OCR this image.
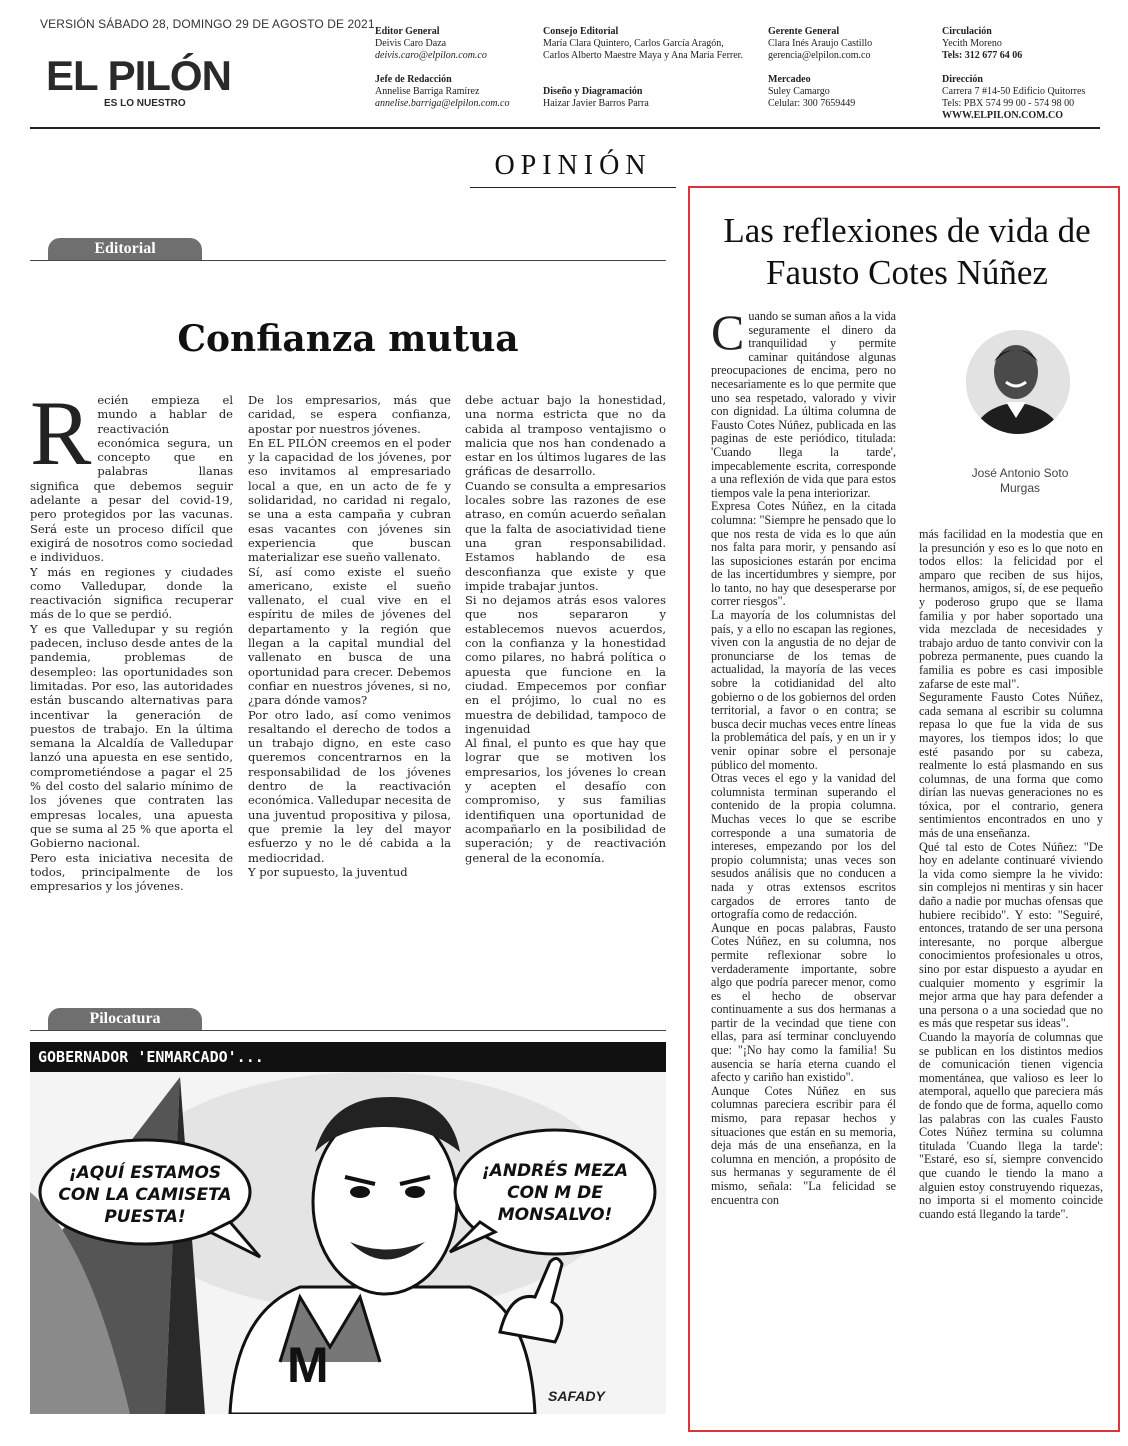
VERSIÓN SÁBADO 28, DOMINGO 29 DE AGOSTO DE 2021
EL PILÓN
ES LO NUESTRO
Editor General
Deivis Caro Daza
deivis.caro@elpilon.com.co
Jefe de Redacción
Annelise Barriga Ramírez
annelise.barriga@elpilon.com.co
Consejo Editorial
María Clara Quintero, Carlos García Aragón, Carlos Alberto Maestre Maya y Ana María Ferrer.
Diseño y Diagramación
Haizar Javier Barros Parra
Gerente General
Clara Inés Araujo Castillo
gerencia@elpilon.com.co
Mercadeo
Suley Camargo
Celular: 300 7659449
Circulación
Yecith Moreno
Tels: 312 677 64 06
Dirección
Carrera 7 #14-50 Edificio Quitorres
Tels: PBX 574 99 00 - 574 98 00
WWW.ELPILON.COM.CO
OPINIÓN
Editorial
Confianza mutua

Recién empieza el mundo a hablar de reactivación económica segura, un concepto que en palabras llanas significa que debemos seguir adelante a pesar del covid-19, pero protegidos por las vacunas. Será este un proceso difícil que exigirá de nosotros como sociedad e individuos.

Y más en regiones y ciudades como Valledupar, donde la reactivación significa recuperar más de lo que se perdió.

Y es que Valledupar y su región padecen, incluso desde antes de la pandemia, problemas de desempleo: las oportunidades son limitadas. Por eso, las autoridades están buscando alternativas para incentivar la generación de puestos de trabajo. En la última semana la Alcaldía de Valledupar lanzó una apuesta en ese sentido, comprometiéndose a pagar el 25 % del costo del salario mínimo de los jóvenes que contraten las empresas locales, una apuesta que se suma al 25 % que aporta el Gobierno nacional.

Pero esta iniciativa necesita de todos, principalmente de los empresarios y los jóvenes.

De los empresarios, más que caridad, se espera confianza, apostar por nuestros jóvenes.

En EL PILÓN creemos en el poder y la capacidad de los jóvenes, por eso invitamos al empresariado local a que, en un acto de fe y solidaridad, no caridad ni regalo, se una a esta campaña y cubran esas vacantes con jóvenes sin experiencia que buscan materializar ese sueño vallenato.

Sí, así como existe el sueño americano, existe el sueño vallenato, el cual vive en el espíritu de miles de jóvenes del departamento y la región que llegan a la capital mundial del vallenato en busca de una oportunidad para crecer. Debemos confiar en nuestros jóvenes, si no, ¿para dónde vamos?

Por otro lado, así como venimos resaltando el derecho de todos a un trabajo digno, en este caso queremos concentrarnos en la responsabilidad de los jóvenes dentro de la reactivación económica. Valledupar necesita de una juventud propositiva y pilosa, que premie la ley del mayor esfuerzo y no le dé cabida a la mediocridad.

Y por supuesto, la juventud

debe actuar bajo la honestidad, una norma estricta que no da cabida al tramposo ventajismo o malicia que nos han condenado a estar en los últimos lugares de las gráficas de desarrollo.

Cuando se consulta a empresarios locales sobre las razones de ese atraso, en común acuerdo señalan que la falta de asociatividad tiene una gran responsabilidad. Estamos hablando de esa desconfianza que existe y que impide trabajar juntos.

Si no dejamos atrás esos valores que nos separaron y establecemos nuevos acuerdos, con la confianza y la honestidad como pilares, no habrá política o apuesta que funcione en la ciudad. Empecemos por confiar en el prójimo, lo cual no es muestra de debilidad, tampoco de ingenuidad

Al final, el punto es que hay que lograr que se motiven los empresarios, los jóvenes lo crean y acepten el desafío con compromiso, y sus familias identifiquen una oportunidad de acompañarlo en la posibilidad de superación; y de reactivación general de la economía.

Pilocatura
GOBERNADOR 'ENMARCADO'...
¡AQUÍ ESTAMOS CON LA CAMISETA PUESTA!
¡ANDRÉS MEZA CON M DE MONSALVO!
M
SAFADY
Las reflexiones de vida de Fausto Cotes Núñez
José Antonio Soto Murgas

Cuando se suman años a la vida seguramente el dinero da tranquilidad y permite caminar quitándose algunas preocupaciones de encima, pero no necesariamente es lo que permite que uno sea respetado, valorado y vivir con dignidad. La última columna de Fausto Cotes Núñez, publicada en las paginas de este periódico, titulada: 'Cuando llega la tarde', impecablemente escrita, corresponde a una reflexión de vida que para estos tiempos vale la pena interiorizar.

Expresa Cotes Núñez, en la citada columna: "Siempre he pensado que lo que nos resta de vida es lo que aún nos falta para morir, y pensando así las suposiciones estarán por encima de las incertidumbres y siempre, por lo tanto, no hay que desesperarse por correr riesgos".

La mayoría de los columnistas del país, y a ello no escapan las regiones, viven con la angustia de no dejar de pronunciarse de los temas de actualidad, la mayoría de las veces sobre la cotidianidad del alto gobierno o de los gobiernos del orden territorial, a favor o en contra; se busca decir muchas veces entre líneas la problemática del país, y en un ir y venir opinar sobre el personaje público del momento.

Otras veces el ego y la vanidad del columnista terminan superando el contenido de la propia columna. Muchas veces lo que se escribe corresponde a una sumatoria de intereses, empezando por los del propio columnista; unas veces son sesudos análisis que no conducen a nada y otras extensos escritos cargados de errores tanto de ortografía como de redacción.

Aunque en pocas palabras, Fausto Cotes Núñez, en su columna, nos permite reflexionar sobre lo verdaderamente importante, sobre algo que podría parecer menor, como es el hecho de observar continuamente a sus dos hermanas a partir de la vecindad que tiene con ellas, para así terminar concluyendo que: "¡No hay como la familia! Su ausencia se haría eterna cuando el afecto y cariño han existido".

Aunque Cotes Núñez en sus columnas pareciera escribir para él mismo, para repasar hechos y situaciones que están en su memoria, deja más de una enseñanza, en la columna en mención, a propósito de sus hermanas y seguramente de él mismo, señala: "La felicidad se encuentra con

más facilidad en la modestia que en la presunción y eso es lo que noto en todos ellos: la felicidad por el amparo que reciben de sus hijos, hermanos, amigos, sí, de ese pequeño y poderoso grupo que se llama familia y por haber soportado una vida mezclada de necesidades y trabajo arduo de tanto convivir con la pobreza permanente, pues cuando la familia es pobre es casi imposible zafarse de este mal".

Seguramente Fausto Cotes Núñez, cada semana al escribir su columna repasa lo que fue la vida de sus mayores, los tiempos idos; lo que esté pasando por su cabeza, realmente lo está plasmando en sus columnas, de una forma que como dirían las nuevas generaciones no es tóxica, por el contrario, genera sentimientos encontrados en uno y más de una enseñanza.

Qué tal esto de Cotes Núñez: "De hoy en adelante continuaré viviendo la vida como siempre la he vivido: sin complejos ni mentiras y sin hacer daño a nadie por muchas ofensas que hubiere recibido". Y esto: "Seguiré, entonces, tratando de ser una persona interesante, no porque albergue conocimientos profesionales u otros, sino por estar dispuesto a ayudar en cualquier momento y esgrimir la mejor arma que hay para defender a una persona o a una sociedad que no es más que respetar sus ideas".

Cuando la mayoría de columnas que se publican en los distintos medios de comunicación tienen vigencia momentánea, que valioso es leer lo atemporal, aquello que pareciera más de fondo que de forma, aquello como las palabras con las cuales Fausto Cotes Núñez termina su columna titulada 'Cuando llega la tarde': "Estaré, eso sí, siempre convencido que cuando le tiendo la mano a alguien estoy construyendo riquezas, no importa si el momento coincide cuando está llegando la tarde".
